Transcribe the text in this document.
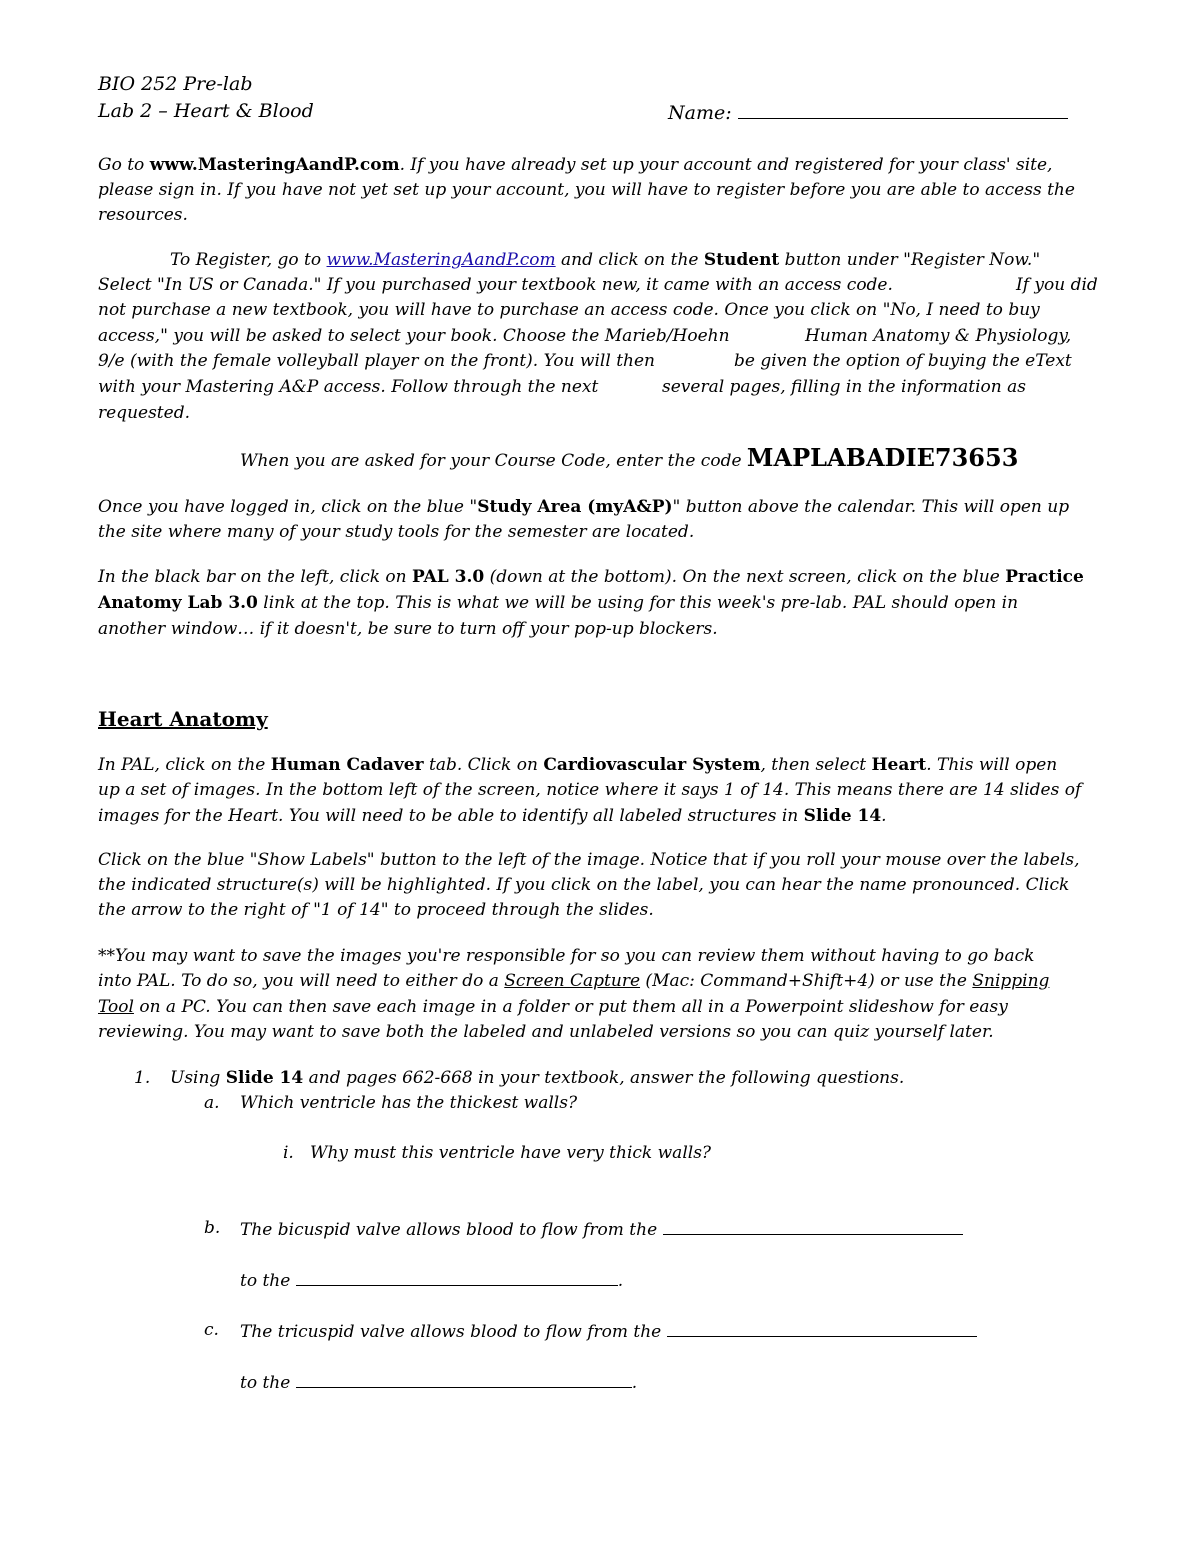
BIO 252 Pre-lab
Lab 2 – Heart & Blood	Name:
Go to www.MasteringAandP.com. If you have already set up your account and registered for your class' site,
please sign in. If you have not yet set up your account, you will have to register before you are able to access the
resources.
To Register, go to www.MasteringAandP.com and click on the Student button under "Register Now."
Select "In US or Canada." If you purchased your textbook new, it came with an access code.	If you did
not purchase a new textbook, you will have to purchase an access code. Once you click on "No, I need to buy
access," you will be asked to select your book. Choose the Marieb/Hoehn	Human Anatomy & Physiology,
9/e (with the female volleyball player on the front). You will then	be given the option of buying the eText
with your Mastering A&P access. Follow through the next	several pages, filling in the information as
requested.
When you are asked for your Course Code, enter the code MAPLABADIE73653
Once you have logged in, click on the blue "Study Area (myA&P)" button above the calendar. This will open up
the site where many of your study tools for the semester are located.
In the black bar on the left, click on PAL 3.0 (down at the bottom). On the next screen, click on the blue Practice
Anatomy Lab 3.0 link at the top. This is what we will be using for this week's pre-lab. PAL should open in
another window… if it doesn't, be sure to turn off your pop-up blockers.
Heart Anatomy
In PAL, click on the Human Cadaver tab. Click on Cardiovascular System, then select Heart. This will open
up a set of images. In the bottom left of the screen, notice where it says 1 of 14. This means there are 14 slides of
images for the Heart. You will need to be able to identify all labeled structures in Slide 14.
Click on the blue "Show Labels" button to the left of the image. Notice that if you roll your mouse over the labels,
the indicated structure(s) will be highlighted. If you click on the label, you can hear the name pronounced. Click
the arrow to the right of "1 of 14" to proceed through the slides.
**You may want to save the images you're responsible for so you can review them without having to go back
into PAL. To do so, you will need to either do a Screen Capture (Mac: Command+Shift+4) or use the Snipping
Tool on a PC. You can then save each image in a folder or put them all in a Powerpoint slideshow for easy
reviewing. You may want to save both the labeled and unlabeled versions so you can quiz yourself later.
1. Using Slide 14 and pages 662-668 in your textbook, answer the following questions.
a. Which ventricle has the thickest walls?
i. Why must this ventricle have very thick walls?
b. The bicuspid valve allows blood to flow from the
to the	.
c. The tricuspid valve allows blood to flow from the
to the	.
